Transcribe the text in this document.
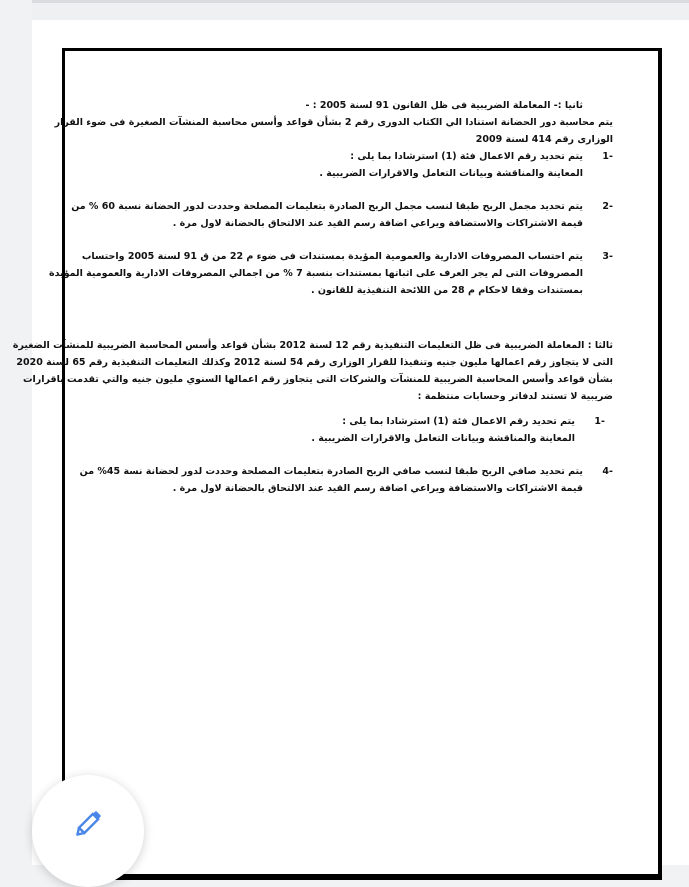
ثانيا :- المعاملة الضريبية فى ظل القانون 91 لسنة 2005 : -
يتم محاسبة دور الحضانة استنادا الي الكتاب الدورى رقم 2 بشأن قواعد وأسس محاسبة المنشآت الصغيرة فى ضوء القرار
الوزارى رقم 414 لسنة 2009
-1
يتم تحديد رقم الاعمال فئة (1) استرشادا بما يلى :
المعاينة والمناقشة وبيانات التعامل والاقرارات الضريبية .
-2
يتم تحديد مجمل الربح طبقا لنسب مجمل الربح الصادرة بتعليمات المصلحة وحددت لدور الحضانة نسبة 60 % من
قيمة الاشتراكات والاستضافة ويراعي اضافة رسم القيد عند الالتحاق بالحضانة لاول مرة .
-3
يتم احتساب المصروفات الادارية والعمومية المؤيدة بمستندات فى ضوء م 22 من ق 91 لسنة 2005 واحتساب
المصروفات التى لم يجر العرف على اثباتها بمستندات بنسبة 7 % من اجمالي المصروفات الادارية والعمومية المؤيدة
بمستندات وفقا لاحكام م 28 من اللائحة التنفيذية للقانون .
ثالثا : المعاملة الضريبية فى ظل التعليمات التنفيذية رقم 12 لسنة 2012 بشأن قواعد وأسس المحاسبة الضريبية للمنشآت الضغيرة
التى لا يتجاوز رقم اعمالها مليون جنيه وتنفيذا للقرار الوزارى رقم 54 لسنة 2012 وكذلك التعليمات التنفيذية رقم 65 لسنة 2020
بشأن قواعد وأسس المحاسبة الضريبية للمنشآت والشركات التى يتجاوز رقم اعمالها السنوي مليون جنيه والتي تقدمت باقرارات
ضريبية لا تستند لدفاتر وحسابات منتظمة :
-1
يتم تحديد رقم الاعمال فئة (1) استرشادا بما يلى :
المعاينة والمناقشة وبيانات التعامل والاقرارات الضريبية .
-4
يتم تحديد صافي الربح طبقا لنسب صافي الربح الصادرة بتعليمات المصلحة وحددت لدور لحضانة نسة 45% من
قيمة الاشتراكات والاستضافة ويراعي اضافة رسم القيد عند الالتحاق بالحضانة لاول مرة .
